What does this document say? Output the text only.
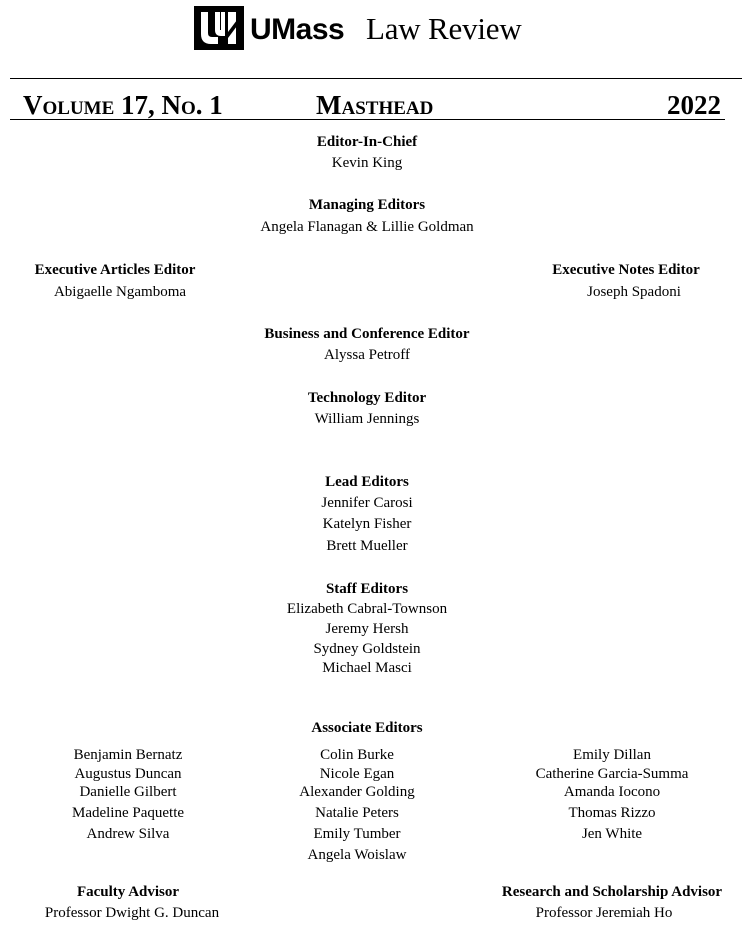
UMass Law Review
Volume 17, No. 1	Masthead	2022
Editor-In-Chief
Kevin King
Managing Editors
Angela Flanagan & Lillie Goldman
Executive Articles Editor
Abigaelle Ngamboma
Executive Notes Editor
Joseph Spadoni
Business and Conference Editor
Alyssa Petroff
Technology Editor
William Jennings
Lead Editors
Jennifer Carosi
Katelyn Fisher
Brett Mueller
Staff Editors
Elizabeth Cabral-Townson
Jeremy Hersh
Sydney Goldstein
Michael Masci
Associate Editors
Benjamin Bernatz
Augustus Duncan
Danielle Gilbert
Madeline Paquette
Andrew Silva
Colin Burke
Nicole Egan
Alexander Golding
Natalie Peters
Emily Tumber
Angela Woislaw
Emily Dillan
Catherine Garcia-Summa
Amanda Iocono
Thomas Rizzo
Jen White
Faculty Advisor
Professor Dwight G. Duncan
Research and Scholarship Advisor
Professor Jeremiah Ho
